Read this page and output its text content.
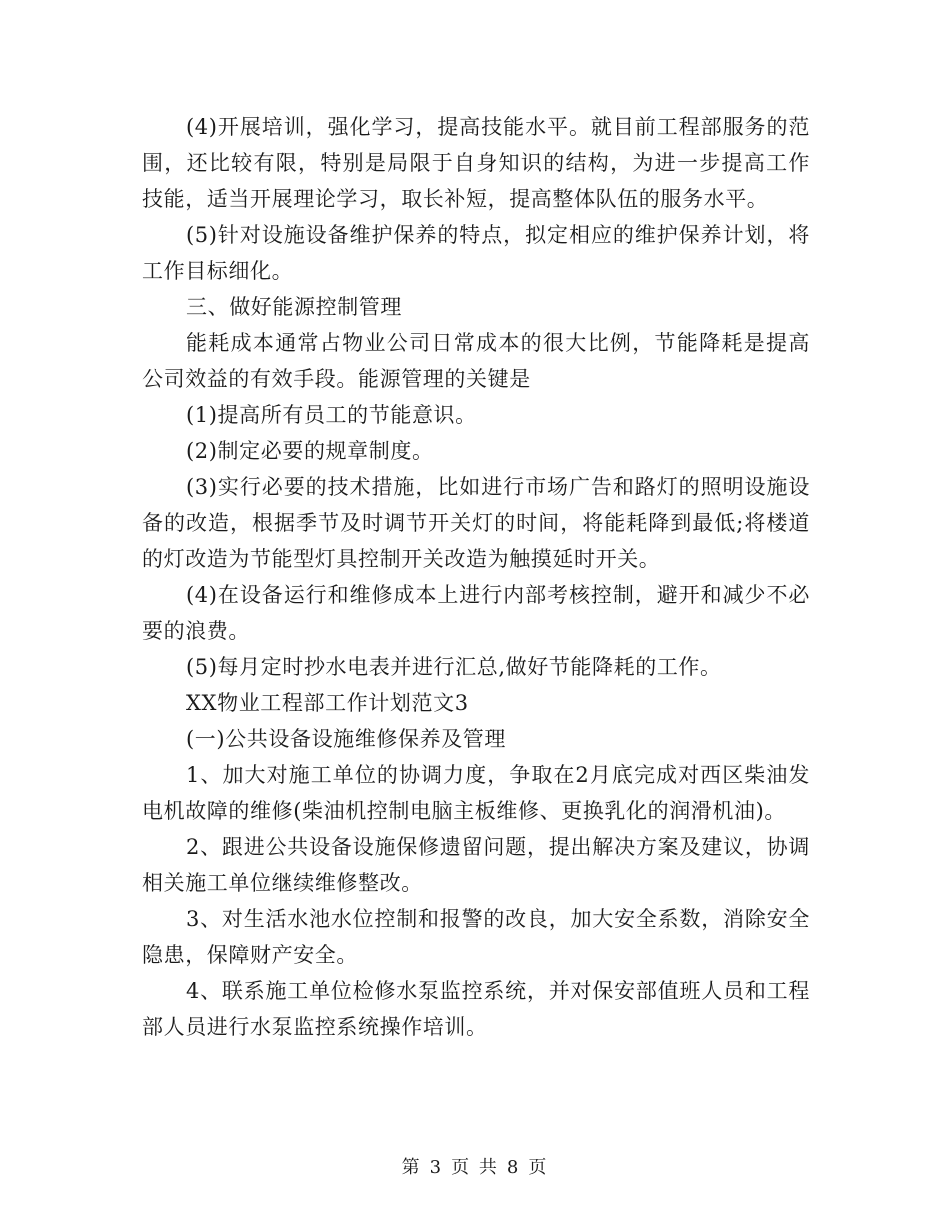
(4)开展培训，强化学习，提高技能水平。就目前工程部服务的范围，还比较有限，特别是局限于自身知识的结构，为进一步提高工作技能，适当开展理论学习，取长补短，提高整体队伍的服务水平。

(5)针对设施设备维护保养的特点，拟定相应的维护保养计划，将工作目标细化。

三、做好能源控制管理

能耗成本通常占物业公司日常成本的很大比例，节能降耗是提高公司效益的有效手段。能源管理的关键是

(1)提高所有员工的节能意识。

(2)制定必要的规章制度。

(3)实行必要的技术措施，比如进行市场广告和路灯的照明设施设备的改造，根据季节及时调节开关灯的时间，将能耗降到最低;将楼道的灯改造为节能型灯具控制开关改造为触摸延时开关。

(4)在设备运行和维修成本上进行内部考核控制，避开和减少不必要的浪费。

(5)每月定时抄水电表并进行汇总,做好节能降耗的工作。

XX物业工程部工作计划范文3

(一)公共设备设施维修保养及管理

1、加大对施工单位的协调力度，争取在2月底完成对西区柴油发电机故障的维修(柴油机控制电脑主板维修、更换乳化的润滑机油)。

2、跟进公共设备设施保修遗留问题，提出解决方案及建议，协调相关施工单位继续维修整改。

3、对生活水池水位控制和报警的改良，加大安全系数，消除安全隐患，保障财产安全。

4、联系施工单位检修水泵监控系统，并对保安部值班人员和工程部人员进行水泵监控系统操作培训。

第 3 页 共 8 页
